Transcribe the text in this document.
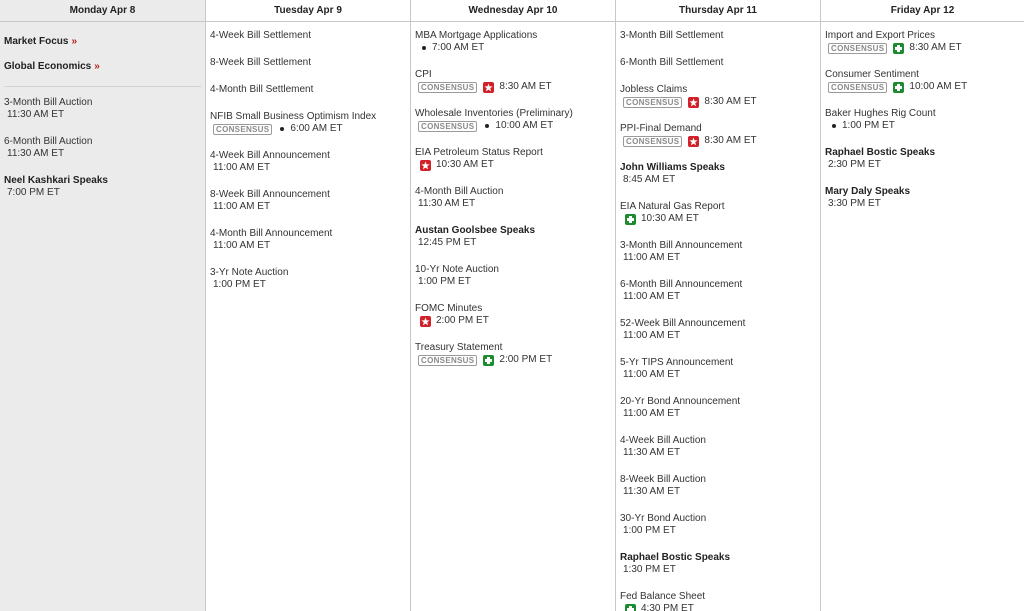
Monday Apr 8
Market Focus »
Global Economics »
3-Month Bill Auction
11:30 AM ET
6-Month Bill Auction
11:30 AM ET
Neel Kashkari Speaks
7:00 PM ET
Tuesday Apr 9
4-Week Bill Settlement
8-Week Bill Settlement
4-Month Bill Settlement
NFIB Small Business Optimism Index
CONSENSUS	6:00 AM ET
4-Week Bill Announcement
11:00 AM ET
8-Week Bill Announcement
11:00 AM ET
4-Month Bill Announcement
11:00 AM ET
3-Yr Note Auction
1:00 PM ET
Wednesday Apr 10
MBA Mortgage Applications
7:00 AM ET
CPI
CONSENSUS	8:30 AM ET
Wholesale Inventories (Preliminary)
CONSENSUS	10:00 AM ET
EIA Petroleum Status Report
10:30 AM ET
4-Month Bill Auction
11:30 AM ET
Austan Goolsbee Speaks
12:45 PM ET
10-Yr Note Auction
1:00 PM ET
FOMC Minutes
2:00 PM ET
Treasury Statement
CONSENSUS	2:00 PM ET
Thursday Apr 11
3-Month Bill Settlement
6-Month Bill Settlement
Jobless Claims
CONSENSUS	8:30 AM ET
PPI-Final Demand
CONSENSUS	8:30 AM ET
John Williams Speaks
8:45 AM ET
EIA Natural Gas Report
10:30 AM ET
3-Month Bill Announcement
11:00 AM ET
6-Month Bill Announcement
11:00 AM ET
52-Week Bill Announcement
11:00 AM ET
5-Yr TIPS Announcement
11:00 AM ET
20-Yr Bond Announcement
11:00 AM ET
4-Week Bill Auction
11:30 AM ET
8-Week Bill Auction
11:30 AM ET
30-Yr Bond Auction
1:00 PM ET
Raphael Bostic Speaks
1:30 PM ET
Fed Balance Sheet
4:30 PM ET
Friday Apr 12
Import and Export Prices
CONSENSUS	8:30 AM ET
Consumer Sentiment
CONSENSUS	10:00 AM ET
Baker Hughes Rig Count
1:00 PM ET
Raphael Bostic Speaks
2:30 PM ET
Mary Daly Speaks
3:30 PM ET
